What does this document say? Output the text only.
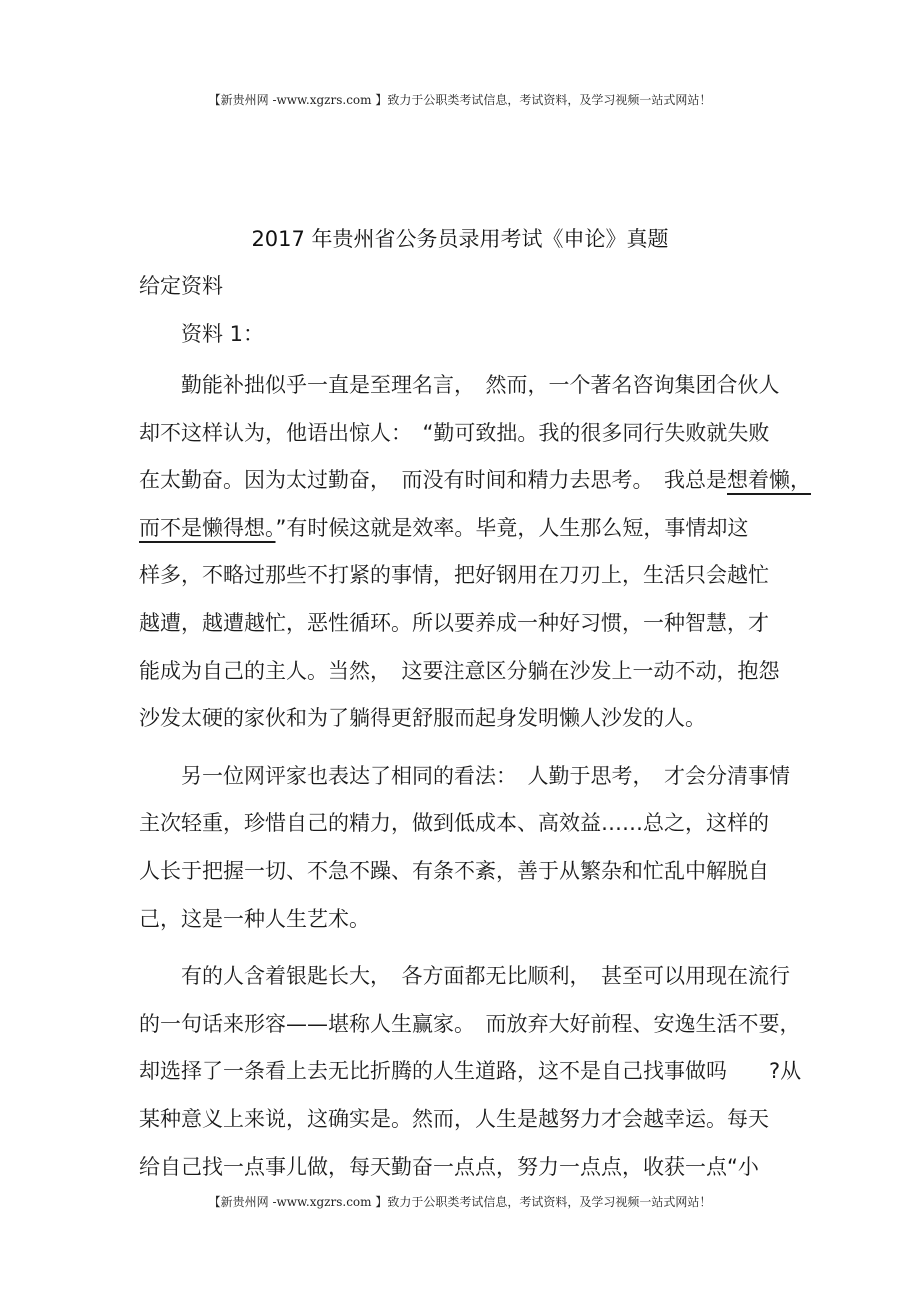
【新贵州网 -www.xgzrs.com 】致力于公职类考试信息，考试资料，及学习视频一站式网站！
2017 年贵州省公务员录用考试《申论》真题
给定资料
资料 1：
勤能补拙似乎一直是至理名言，　然而，一个著名咨询集团合伙人
却不这样认为，他语出惊人：　“勤可致拙。我的很多同行失败就失败
在太勤奋。因为太过勤奋，　而没有时间和精力去思考。　我总是想着懒，
而不是懒得想。”有时候这就是效率。毕竟，人生那么短，事情却这
样多，不略过那些不打紧的事情，把好钢用在刀刃上，生活只会越忙
越遭，越遭越忙，恶性循环。所以要养成一种好习惯，一种智慧，才
能成为自己的主人。当然，　这要注意区分躺在沙发上一动不动，抱怨
沙发太硬的家伙和为了躺得更舒服而起身发明懒人沙发的人。
另一位网评家也表达了相同的看法：　人勤于思考，　才会分清事情
主次轻重，珍惜自己的精力，做到低成本、高效益……总之，这样的
人长于把握一切、不急不躁、有条不紊，善于从繁杂和忙乱中解脱自
己，这是一种人生艺术。
有的人含着银匙长大，　各方面都无比顺利，　甚至可以用现在流行
的一句话来形容——堪称人生赢家。　而放弃大好前程、安逸生活不要，
却选择了一条看上去无比折腾的人生道路，这不是自己找事做吗　　?从
某种意义上来说，这确实是。然而，人生是越努力才会越幸运。每天
给自己找一点事儿做，每天勤奋一点点，努力一点点，收获一点“小
【新贵州网 -www.xgzrs.com 】致力于公职类考试信息，考试资料，及学习视频一站式网站！
